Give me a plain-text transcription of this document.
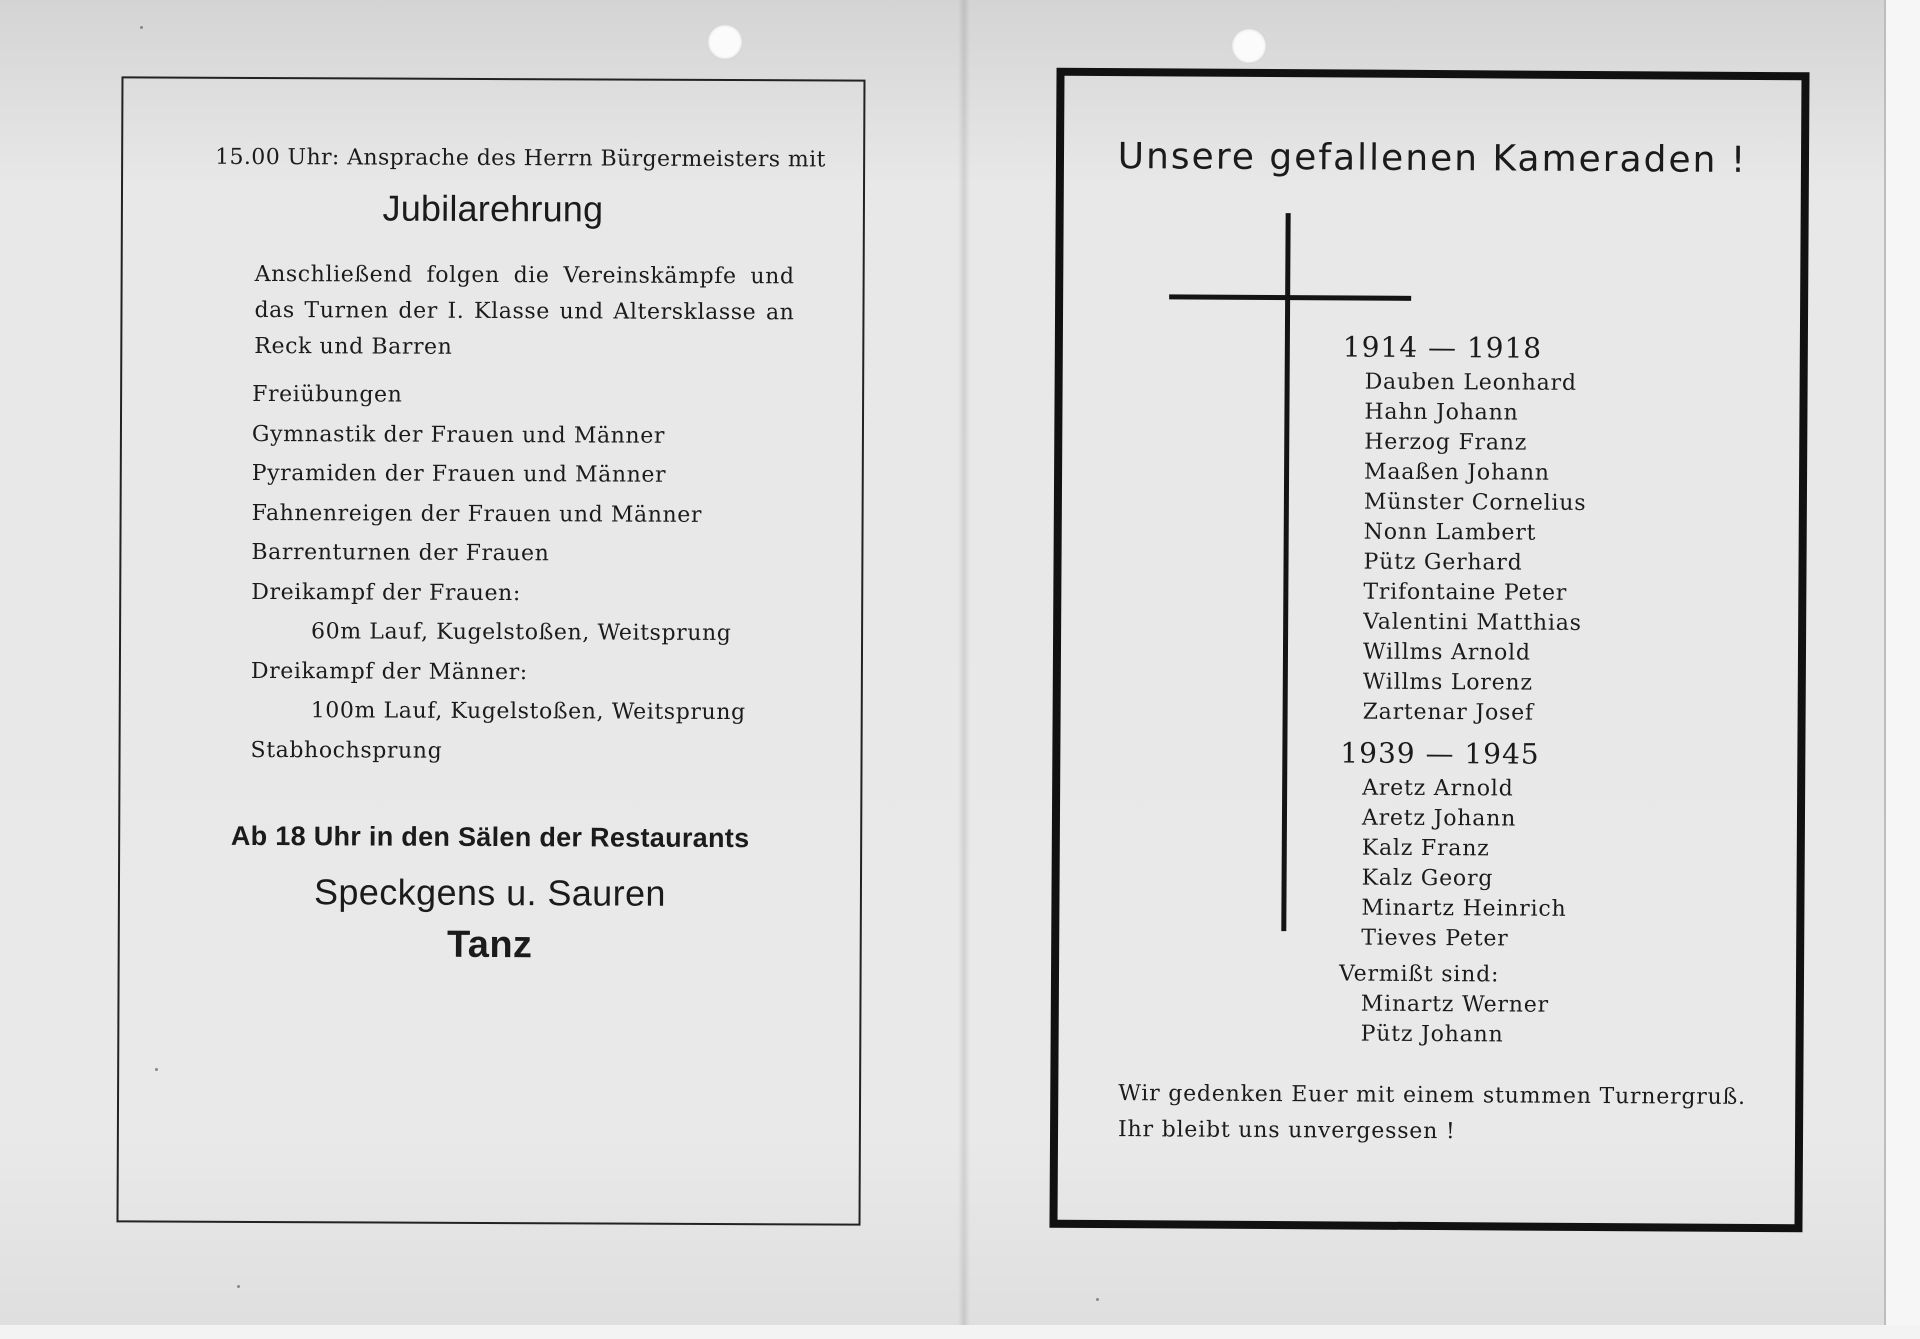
15.00 Uhr: Ansprache des Herrn Bürgermeisters mit
Jubilarehrung
Anschließend folgen die Vereinskämpfe und das Turnen der I. Klasse und Altersklasse an Reck und Barren
Freiübungen
Gymnastik der Frauen und Männer
Pyramiden der Frauen und Männer
Fahnenreigen der Frauen und Männer
Barrenturnen der Frauen
Dreikampf der Frauen:
60m Lauf, Kugelstoßen, Weitsprung
Dreikampf der Männer:
100m Lauf, Kugelstoßen, Weitsprung
Stabhochsprung
Ab 18 Uhr in den Sälen der Restaurants
Speckgens u. Sauren
Tanz
Unsere gefallenen Kameraden !
1914 — 1918
Dauben Leonhard
Hahn Johann
Herzog Franz
Maaßen Johann
Münster Cornelius
Nonn Lambert
Pütz Gerhard
Trifontaine Peter
Valentini Matthias
Willms Arnold
Willms Lorenz
Zartenar Josef
1939 — 1945
Aretz Arnold
Aretz Johann
Kalz Franz
Kalz Georg
Minartz Heinrich
Tieves Peter
Vermißt sind:
Minartz Werner
Pütz Johann
Wir gedenken Euer mit einem stummen Turnergruß.
Ihr bleibt uns unvergessen !
